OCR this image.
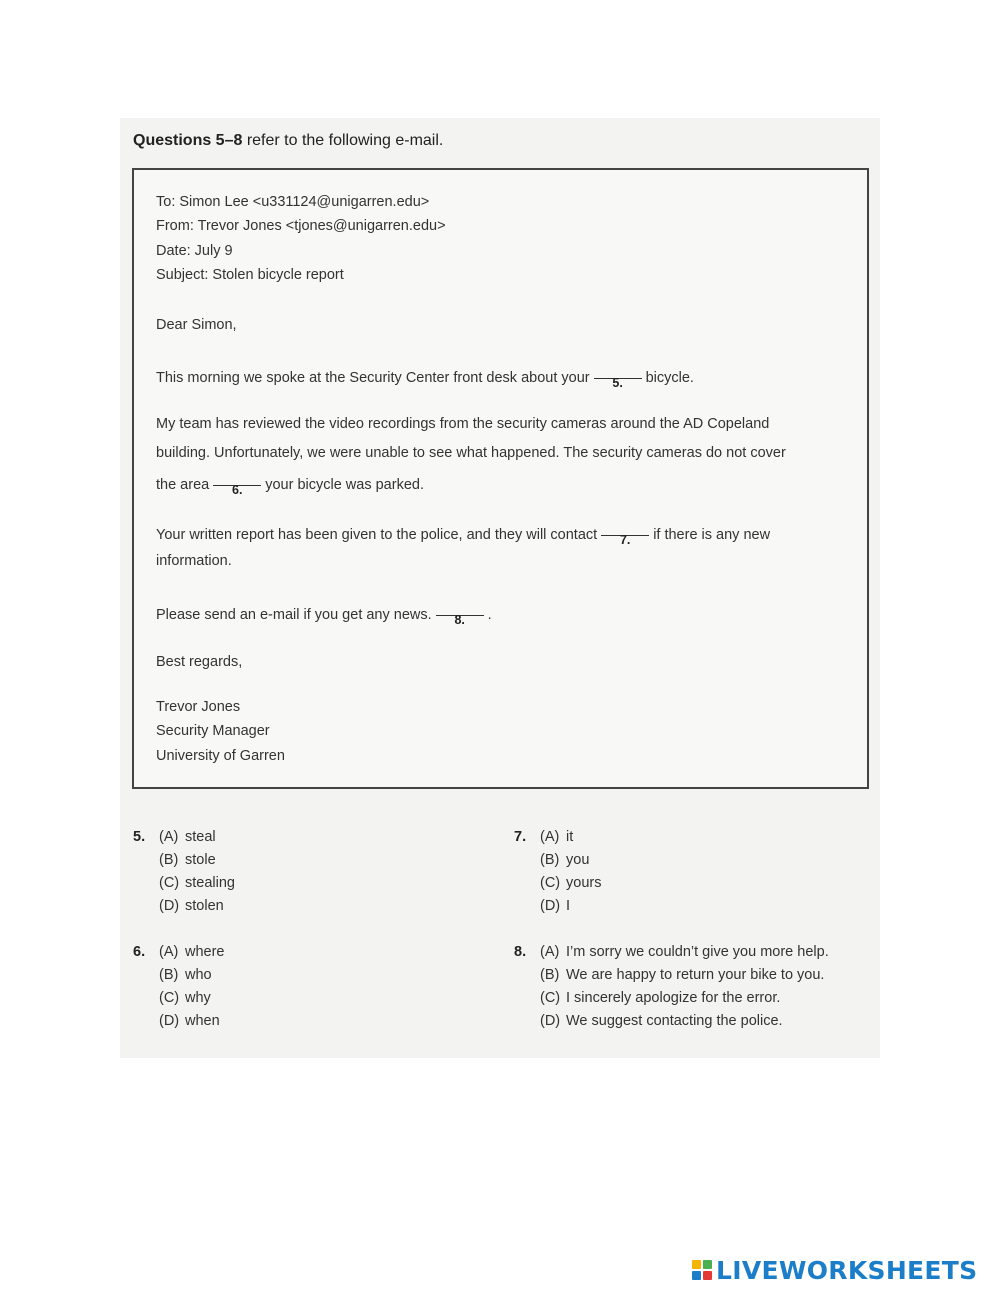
Questions 5–8 refer to the following e-mail.
To: Simon Lee <u331124@unigarren.edu>
From: Trevor Jones <tjones@unigarren.edu>
Date: July 9
Subject: Stolen bicycle report
Dear Simon,
This morning we spoke at the Security Center front desk about your 5. bicycle.
My team has reviewed the video recordings from the security cameras around the AD Copeland
building. Unfortunately, we were unable to see what happened. The security cameras do not cover
the area 6. your bicycle was parked.
Your written report has been given to the police, and they will contact 7. if there is any new
information.
Please send an e-mail if you get any news. 8. .
Best regards,
Trevor Jones
Security Manager
University of Garren
5. (A) steal
(B) stole
(C) stealing
(D) stolen
6. (A) where
(B) who
(C) why
(D) when
7. (A) it
(B) you
(C) yours
(D) I
8. (A) I’m sorry we couldn’t give you more help.
(B) We are happy to return your bike to you.
(C) I sincerely apologize for the error.
(D) We suggest contacting the police.
LIVEWORKSHEETS
